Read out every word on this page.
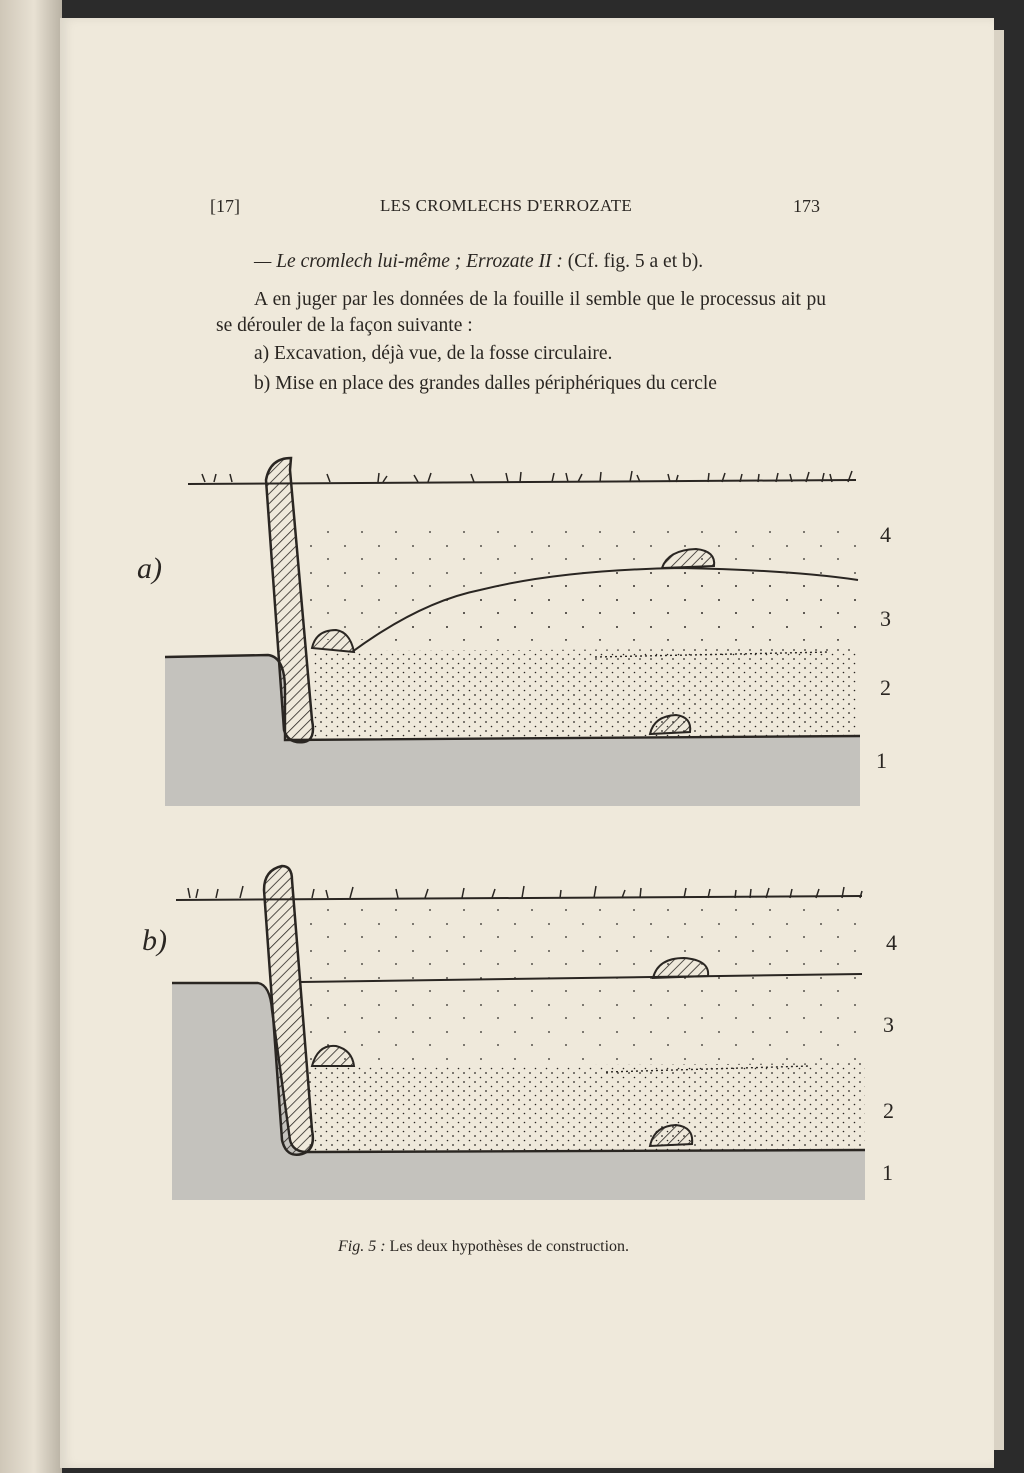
[17]	LES CROMLECHS D'ERROZATE	173
— Le cromlech lui-même ; Errozate II : (Cf. fig. 5 a et b).
A en juger par les données de la fouille il semble que le processus ait pu se dérouler de la façon suivante :
a) Excavation, déjà vue, de la fosse circulaire.
b) Mise en place des grandes dalles périphériques du cercle
a)
4
3
2
1
b)	4
3
2
1
Fig. 5 : Les deux hypothèses de construction.
